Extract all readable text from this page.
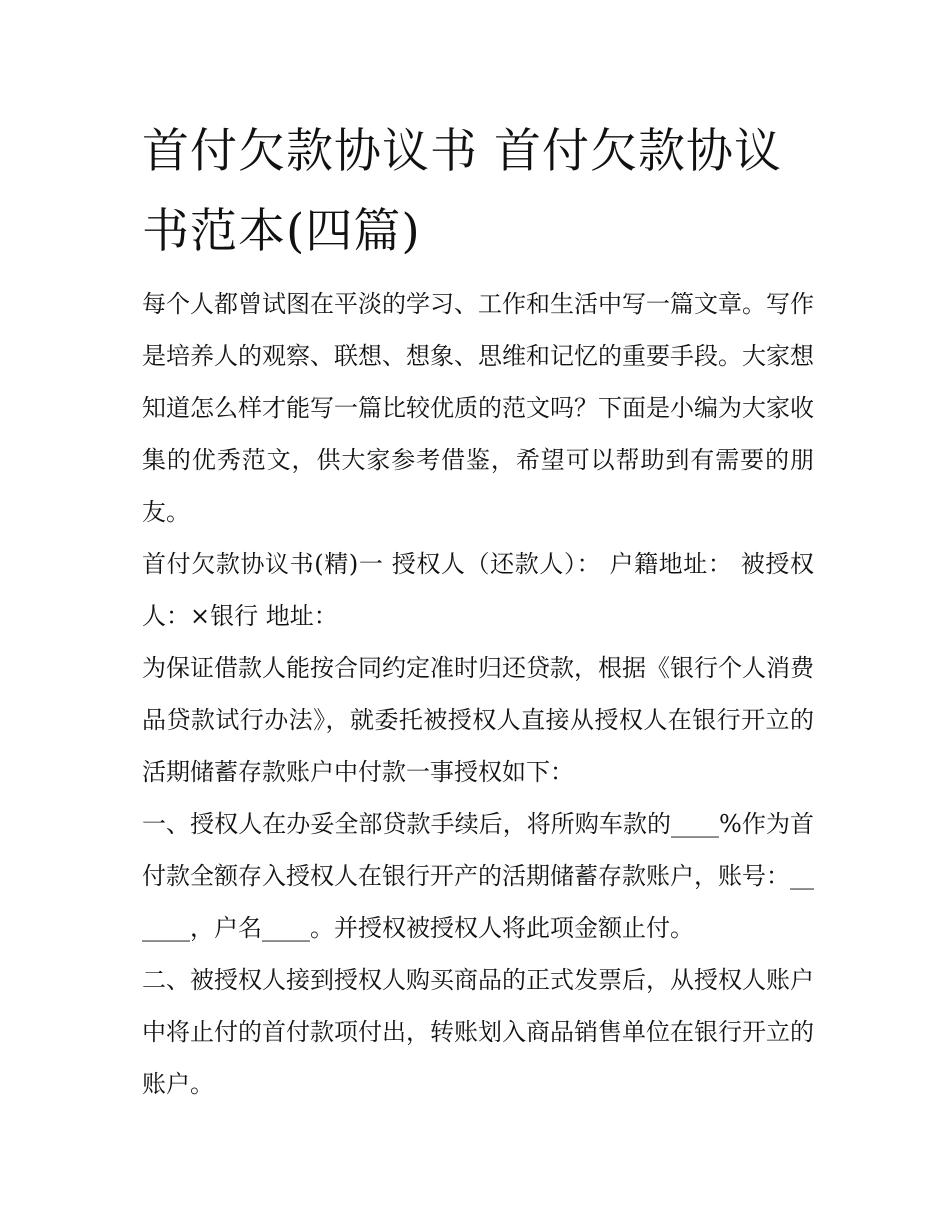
首付欠款协议书 首付欠款协议书范本(四篇)

每个人都曾试图在平淡的学习、工作和生活中写一篇文章。写作是培养人的观察、联想、想象、思维和记忆的重要手段。大家想知道怎么样才能写一篇比较优质的范文吗？下面是小编为大家收集的优秀范文，供大家参考借鉴，希望可以帮助到有需要的朋友。

首付欠款协议书(精)一 授权人（还款人）： 户籍地址： 被授权人：×银行 地址：

为保证借款人能按合同约定准时归还贷款，根据《银行个人消费品贷款试行办法》，就委托被授权人直接从授权人在银行开立的活期储蓄存款账户中付款一事授权如下：

一、授权人在办妥全部贷款手续后，将所购车款的____%作为首付款全额存入授权人在银行开产的活期储蓄存款账户，账号：______，户名____。并授权被授权人将此项金额止付。

二、被授权人接到授权人购买商品的正式发票后，从授权人账户中将止付的首付款项付出，转账划入商品销售单位在银行开立的账户。
